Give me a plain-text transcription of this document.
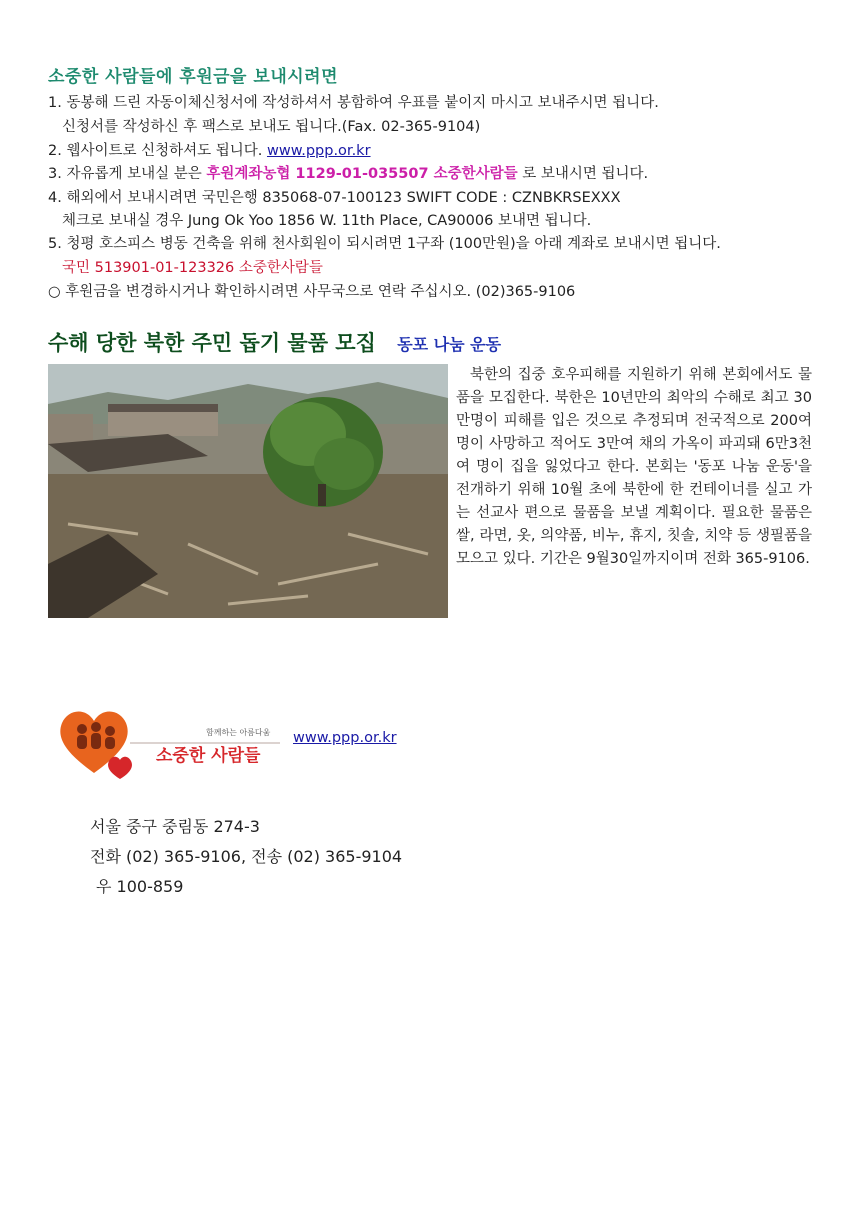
소중한 사람들에 후원금을 보내시려면
1. 동봉해 드린 자동이체신청서에 작성하셔서 봉함하여 우표를 붙이지 마시고 보내주시면 됩니다.
신청서를 작성하신 후 팩스로 보내도 됩니다.(Fax. 02-365-9104)
2. 웹사이트로 신청하셔도 됩니다. www.ppp.or.kr
3. 자유롭게 보내실 분은 후원계좌농협 1129-01-035507 소중한사람들 로 보내시면 됩니다.
4. 해외에서 보내시려면 국민은행 835068-07-100123 SWIFT CODE : CZNBKRSEXXX
체크로 보내실 경우 Jung Ok Yoo 1856 W. 11th Place, CA90006 보내면 됩니다.
5. 청평 호스피스 병동 건축을 위해 천사회원이 되시려면 1구좌 (100만원)을 아래 계좌로 보내시면 됩니다.
국민 513901-01-123326 소중한사람들
○ 후원금을 변경하시거나 확인하시려면 사무국으로 연락 주십시오. (02)365-9106
수해 당한 북한 주민 돕기 물품 모집 동포 나눔 운동
북한의 집중 호우피해를 지원하기 위해 본회에서도 물품을 모집한다. 북한은 10년만의 최악의 수해로 최고 30만명이 피해를 입은 것으로 추정되며 전국적으로 200여명이 사망하고 적어도 3만여 채의 가옥이 파괴돼 6만3천 여 명이 집을 잃었다고 한다. 본회는 '동포 나눔 운동'을 전개하기 위해 10월 초에 북한에 한 컨테이너를 실고 가는 선교사 편으로 물품을 보낼 계획이다. 필요한 물품은 쌀, 라면, 옷, 의약품, 비누, 휴지, 칫솔, 치약 등 생필품을 모으고 있다. 기간은 9월30일까지이며 전화 365-9106.
함께하는 아름다움
소중한 사람들
www.ppp.or.kr
서울 중구 중림동 274-3
전화 (02) 365-9106, 전송 (02) 365-9104
우 100-859
